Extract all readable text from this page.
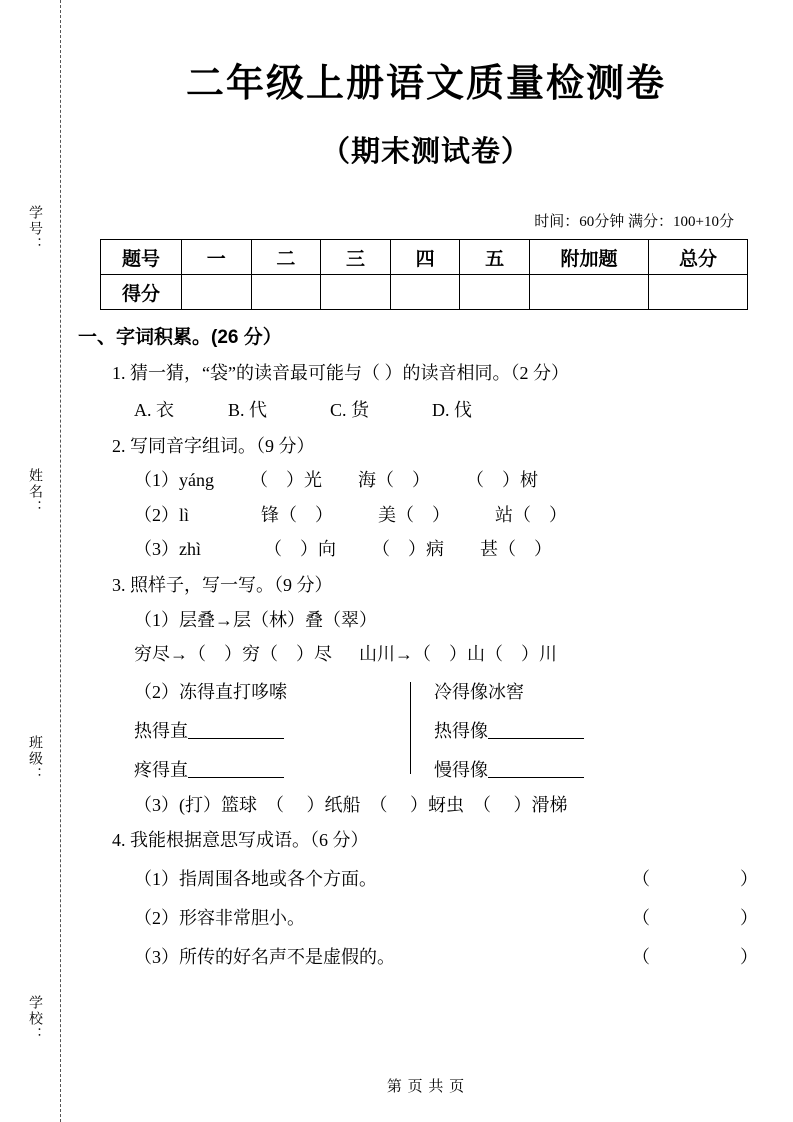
学号：
姓名：
班级：
学校：
二年级上册语文质量检测卷
（期末测试卷）
时间：60分钟 满分：100+10分
题号	一	二	三	四	五	附加题	总分
得分							
一、字词积累。(26 分）
1. 猜一猜，“袋”的读音最可能与（ ）的读音相同。（2 分）
A. 衣            B. 代              C. 货              D. 伐
2. 写同音字组词。（9 分）
（1）yáng        （    ）光        海（    ）        （    ）树
（2）lì                锋（    ）          美（    ）          站（    ）
（3）zhì              （    ）向        （    ）病        甚（    ）
3. 照样子，写一写。（9 分）
（1）层叠→层（林）叠（翠）
穷尽→（    ）穷（    ）尽      山川→（    ）山（    ）川
（2）冻得直打哆嗦	冷得像冰窖
热得直	热得像
疼得直	慢得像
（3）(打）篮球  （     ）纸船  （     ）蚜虫  （     ）滑梯
4. 我能根据意思写成语。（6 分）
（1）指周围各地或各个方面。	（                    ）
（2）形容非常胆小。	（                    ）
（3）所传的好名声不是虚假的。	（                    ）
第 页 共 页
